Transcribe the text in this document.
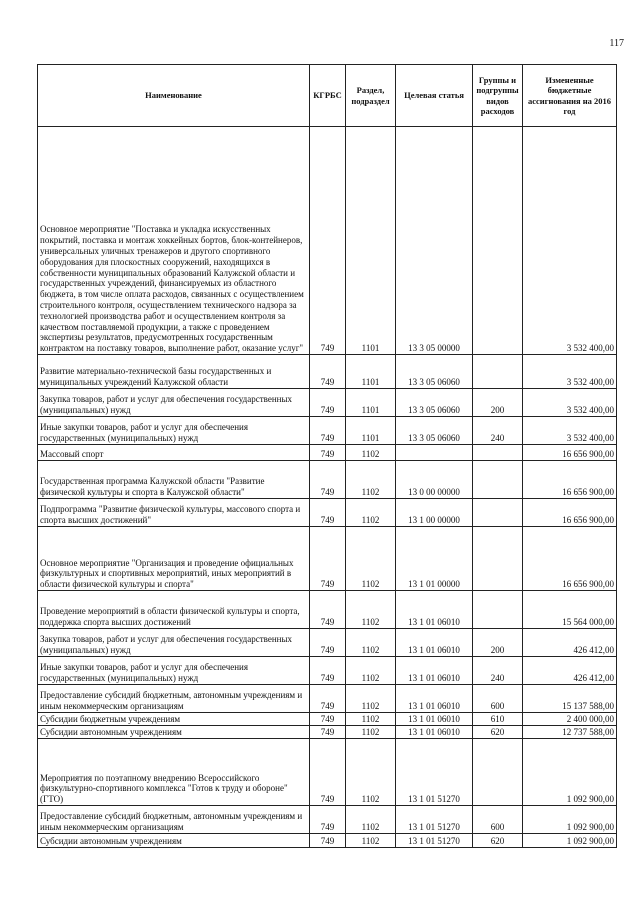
117
Наименование	КГРБС	Раздел, подраздел	Целевая статья	Группы и подгруппы видов расходов	Измененные бюджетные ассигнования на 2016 год
Основное мероприятие "Поставка и укладка искусственных покрытий, поставка и монтаж хоккейных бортов, блок-контейнеров, универсальных уличных тренажеров и другого спортивного оборудования для плоскостных сооружений, находящихся в собственности муниципальных образований Калужской области и государственных учреждений, финансируемых из областного бюджета, в том числе оплата расходов, связанных с осуществлением строительного контроля, осуществлением технического надзора за технологией производства работ и осуществлением контроля за качеством поставляемой продукции, а также с проведением экспертизы результатов, предусмотренных государственным контрактом на поставку товаров, выполнение работ, оказание услуг"	749	1101	13 3 05 00000		3 532 400,00
Развитие материально-технической базы государственных и муниципальных учреждений Калужской области	749	1101	13 3 05 06060		3 532 400,00
Закупка товаров, работ и услуг для обеспечения государственных (муниципальных) нужд	749	1101	13 3 05 06060	200	3 532 400,00
Иные закупки товаров, работ и услуг для обеспечения государственных (муниципальных) нужд	749	1101	13 3 05 06060	240	3 532 400,00
Массовый спорт	749	1102			16 656 900,00
Государственная программа Калужской области "Развитие физической культуры и спорта в Калужской области"	749	1102	13 0 00 00000		16 656 900,00
Подпрограмма "Развитие физической культуры, массового спорта и спорта высших достижений"	749	1102	13 1 00 00000		16 656 900,00
Основное мероприятие "Организация и проведение официальных физкультурных и спортивных мероприятий, иных мероприятий в области физической культуры и спорта"	749	1102	13 1 01 00000		16 656 900,00
Проведение мероприятий в области физической культуры и спорта, поддержка спорта высших достижений	749	1102	13 1 01 06010		15 564 000,00
Закупка товаров, работ и услуг для обеспечения государственных (муниципальных) нужд	749	1102	13 1 01 06010	200	426 412,00
Иные закупки товаров, работ и услуг для обеспечения государственных (муниципальных) нужд	749	1102	13 1 01 06010	240	426 412,00
Предоставление субсидий бюджетным, автономным учреждениям и иным некоммерческим организациям	749	1102	13 1 01 06010	600	15 137 588,00
Субсидии бюджетным учреждениям	749	1102	13 1 01 06010	610	2 400 000,00
Субсидии автономным учреждениям	749	1102	13 1 01 06010	620	12 737 588,00
Мероприятия по поэтапному внедрению Всероссийского физкультурно-спортивного комплекса "Готов к труду и обороне" (ГТО)	749	1102	13 1 01 51270		1 092 900,00
Предоставление субсидий бюджетным, автономным учреждениям и иным некоммерческим организациям	749	1102	13 1 01 51270	600	1 092 900,00
Субсидии автономным учреждениям	749	1102	13 1 01 51270	620	1 092 900,00
